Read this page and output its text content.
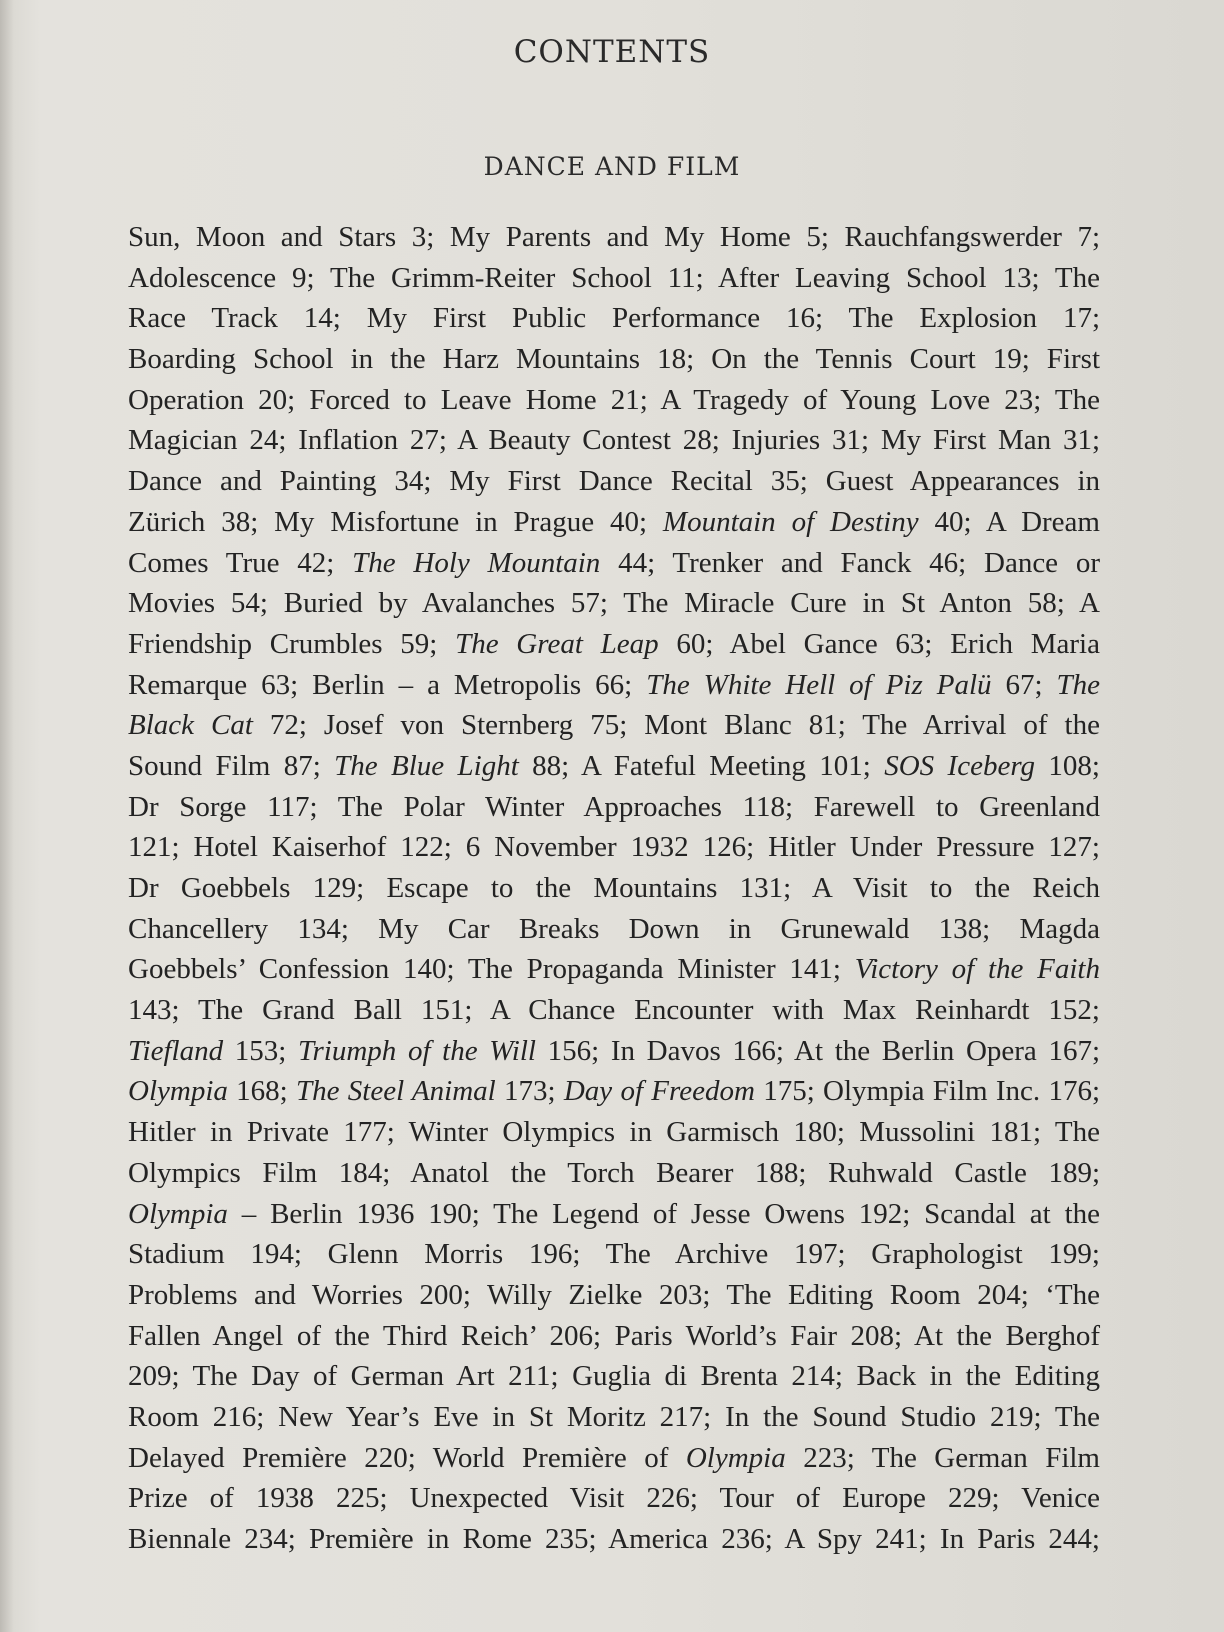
CONTENTS
DANCE AND FILM
Sun, Moon and Stars 3; My Parents and My Home 5; Rauchfangswerder 7;
Adolescence 9; The Grimm-Reiter School 11; After Leaving School 13; The
Race Track 14; My First Public Performance 16; The Explosion 17;
Boarding School in the Harz Mountains 18; On the Tennis Court 19; First
Operation 20; Forced to Leave Home 21; A Tragedy of Young Love 23; The
Magician 24; Inflation 27; A Beauty Contest 28; Injuries 31; My First Man 31;
Dance and Painting 34; My First Dance Recital 35; Guest Appearances in
Zürich 38; My Misfortune in Prague 40; Mountain of Destiny 40; A Dream
Comes True 42; The Holy Mountain 44; Trenker and Fanck 46; Dance or
Movies 54; Buried by Avalanches 57; The Miracle Cure in St Anton 58; A
Friendship Crumbles 59; The Great Leap 60; Abel Gance 63; Erich Maria
Remarque 63; Berlin – a Metropolis 66; The White Hell of Piz Palü 67; The
Black Cat 72; Josef von Sternberg 75; Mont Blanc 81; The Arrival of the
Sound Film 87; The Blue Light 88; A Fateful Meeting 101; SOS Iceberg 108;
Dr Sorge 117; The Polar Winter Approaches 118; Farewell to Greenland
121; Hotel Kaiserhof 122; 6 November 1932 126; Hitler Under Pressure 127;
Dr Goebbels 129; Escape to the Mountains 131; A Visit to the Reich
Chancellery 134; My Car Breaks Down in Grunewald 138; Magda
Goebbels’ Confession 140; The Propaganda Minister 141; Victory of the Faith
143; The Grand Ball 151; A Chance Encounter with Max Reinhardt 152;
Tiefland 153; Triumph of the Will 156; In Davos 166; At the Berlin Opera 167;
Olympia 168; The Steel Animal 173; Day of Freedom 175; Olympia Film Inc. 176;
Hitler in Private 177; Winter Olympics in Garmisch 180; Mussolini 181; The
Olympics Film 184; Anatol the Torch Bearer 188; Ruhwald Castle 189;
Olympia – Berlin 1936 190; The Legend of Jesse Owens 192; Scandal at the
Stadium 194; Glenn Morris 196; The Archive 197; Graphologist 199;
Problems and Worries 200; Willy Zielke 203; The Editing Room 204; ‘The
Fallen Angel of the Third Reich’ 206; Paris World’s Fair 208; At the Berghof
209; The Day of German Art 211; Guglia di Brenta 214; Back in the Editing
Room 216; New Year’s Eve in St Moritz 217; In the Sound Studio 219; The
Delayed Première 220; World Première of Olympia 223; The German Film
Prize of 1938 225; Unexpected Visit 226; Tour of Europe 229; Venice
Biennale 234; Première in Rome 235; America 236; A Spy 241; In Paris 244;
